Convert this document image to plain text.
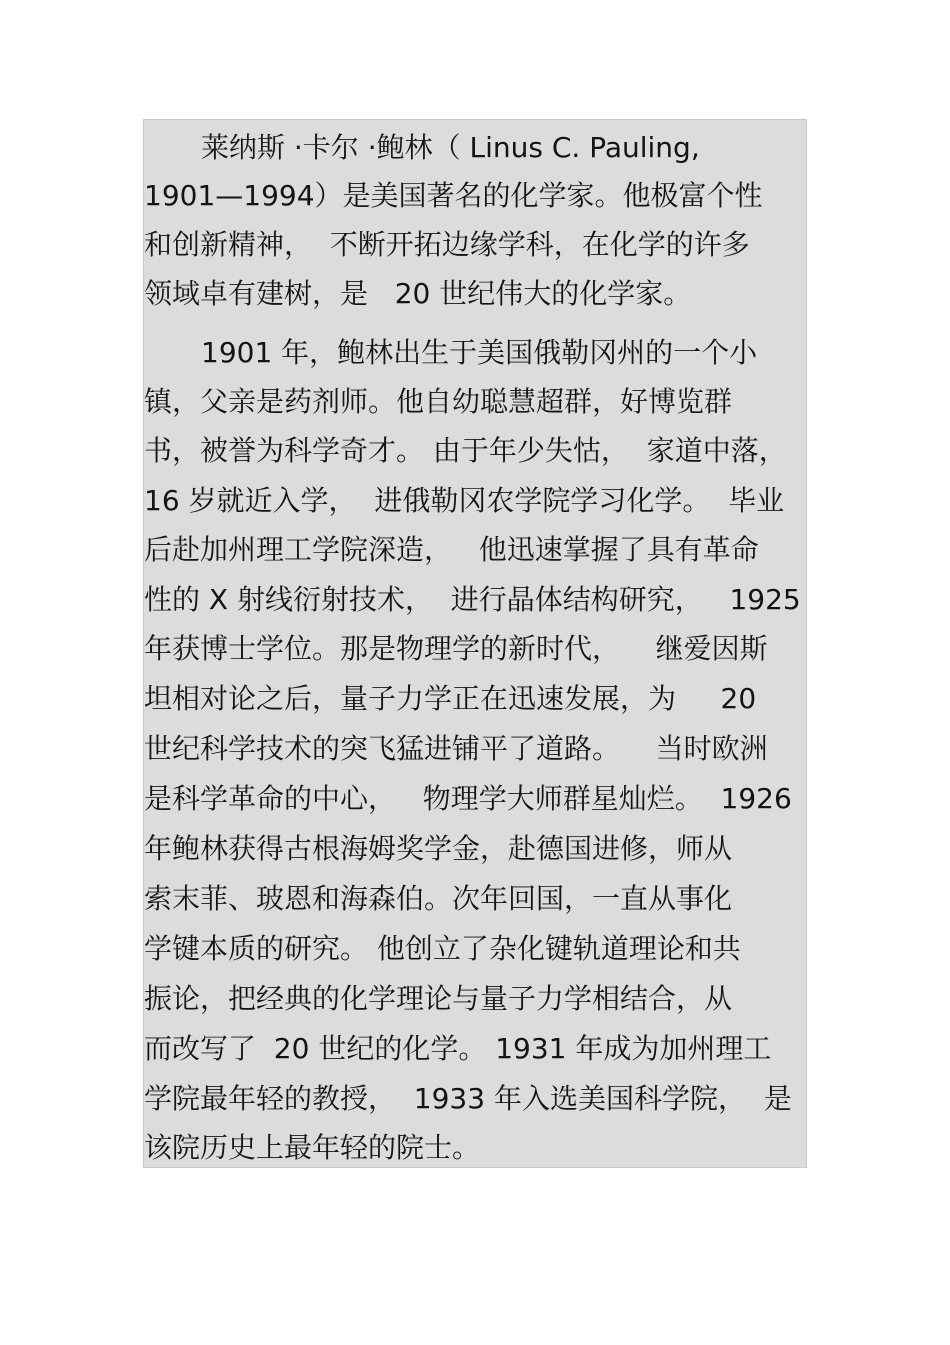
莱纳斯 ·卡尔 ·鲍林（ Linus C. Pauling,
1901—1994）是美国著名的化学家。他极富个性
和创新精神，  不断开拓边缘学科，在化学的许多
领域卓有建树，是   20 世纪伟大的化学家。
1901 年，鲍林出生于美国俄勒冈州的一个小
镇，父亲是药剂师。他自幼聪慧超群，好博览群
书，被誉为科学奇才。 由于年少失怙，  家道中落，
16 岁就近入学，  进俄勒冈农学院学习化学。  毕业
后赴加州理工学院深造，   他迅速掌握了具有革命
性的 X 射线衍射技术，  进行晶体结构研究，   1925
年获博士学位。那是物理学的新时代，    继爱因斯
坦相对论之后，量子力学正在迅速发展，为     20
世纪科学技术的突飞猛进铺平了道路。    当时欧洲
是科学革命的中心，   物理学大师群星灿烂。  1926
年鲍林获得古根海姆奖学金，赴德国进修，师从
索末菲、玻恩和海森伯。次年回国，一直从事化
学键本质的研究。 他创立了杂化键轨道理论和共
振论，把经典的化学理论与量子力学相结合，从
而改写了  20 世纪的化学。 1931 年成为加州理工
学院最年轻的教授，  1933 年入选美国科学院，  是
该院历史上最年轻的院士。
